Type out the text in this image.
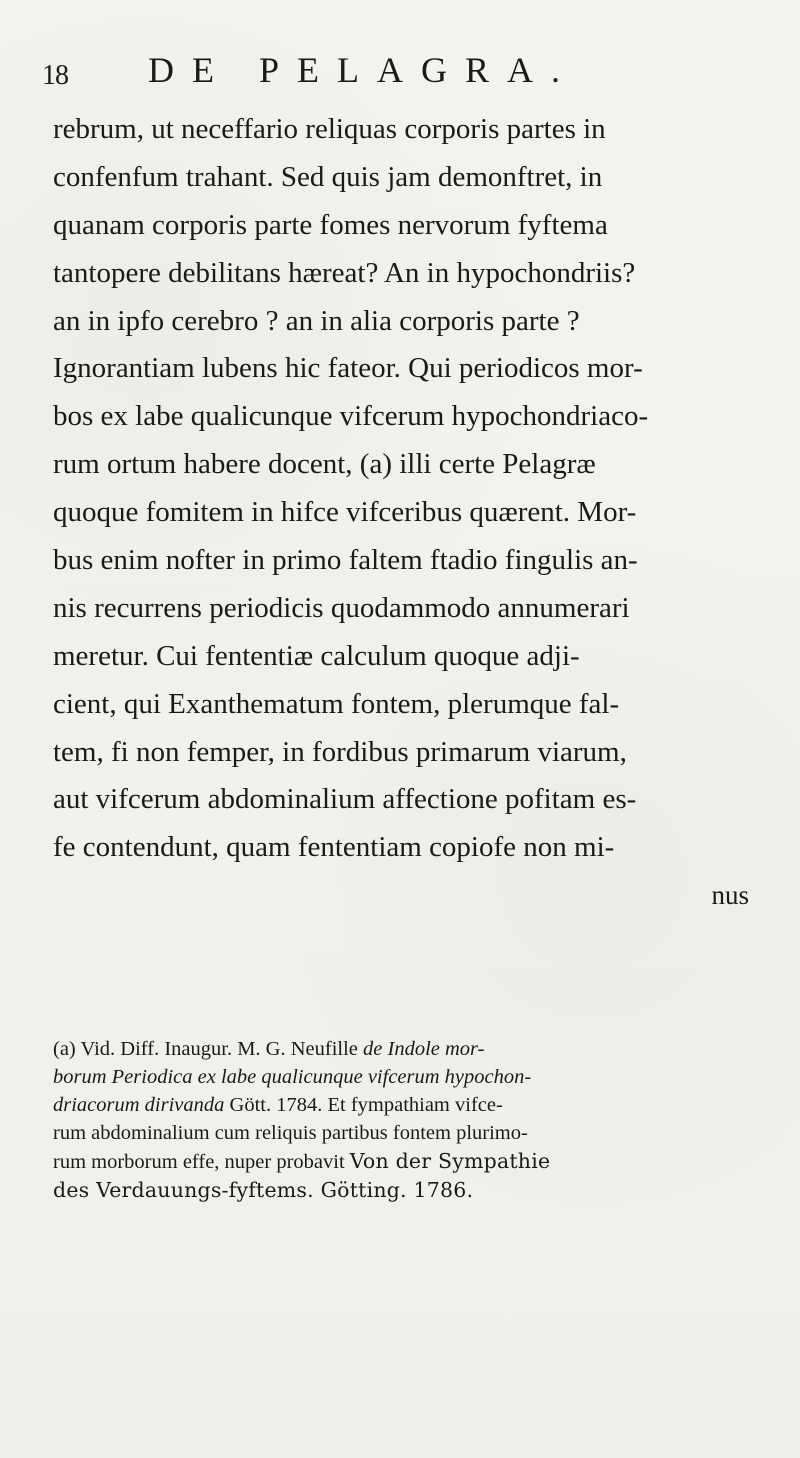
18 DE PELAGRA.
rebrum, ut neceffario reliquas corporis partes in
confenfum trahant. Sed quis jam demonftret, in
quanam corporis parte fomes nervorum fyftema
tantopere debilitans hæreat? An in hypochondriis?
an in ipfo cerebro ? an in alia corporis parte ?
Ignorantiam lubens hic fateor. Qui periodicos mor-
bos ex labe qualicunque vifcerum hypochondriaco-
rum ortum habere docent, (a) illi certe Pelagræ
quoque fomitem in hifce vifceribus quærent. Mor-
bus enim nofter in primo faltem ftadio fingulis an-
nis recurrens periodicis quodammodo annumerari
meretur. Cui fententiæ calculum quoque adji-
cient, qui Exanthematum fontem, plerumque fal-
tem, fi non femper, in fordibus primarum viarum,
aut vifcerum abdominalium affectione pofitam es-
fe contendunt, quam fententiam copiofe non mi-
nus
(a) Vid. Diff. Inaugur. M. G. Neufille de Indole mor-
borum Periodica ex labe qualicunque vifcerum hypochon-
driacorum dirivanda Gött. 1784. Et fympathiam vifce-
rum abdominalium cum reliquis partibus fontem plurimo-
rum morborum effe, nuper probavit Von der Sympathie
des Verdauungs-fyftems. Götting. 1786.
